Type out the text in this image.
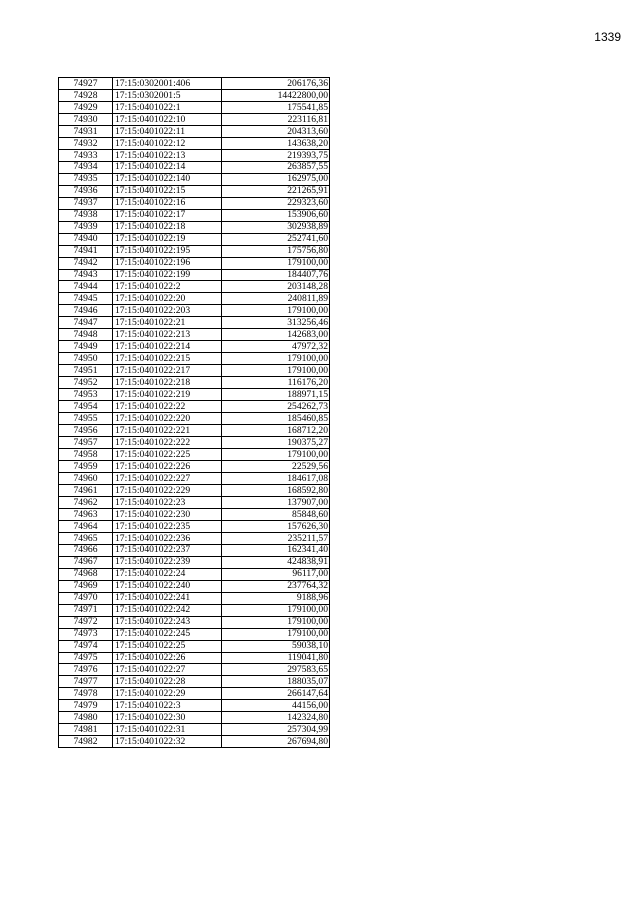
1339
74927	17:15:0302001:406	206176,36
74928	17:15:0302001:5	14422800,00
74929	17:15:0401022:1	175541,85
74930	17:15:0401022:10	223116,81
74931	17:15:0401022:11	204313,60
74932	17:15:0401022:12	143638,20
74933	17:15:0401022:13	219393,75
74934	17:15:0401022:14	263857,55
74935	17:15:0401022:140	162975,00
74936	17:15:0401022:15	221265,91
74937	17:15:0401022:16	229323,60
74938	17:15:0401022:17	153906,60
74939	17:15:0401022:18	302938,89
74940	17:15:0401022:19	252741,60
74941	17:15:0401022:195	175756,80
74942	17:15:0401022:196	179100,00
74943	17:15:0401022:199	184407,76
74944	17:15:0401022:2	203148,28
74945	17:15:0401022:20	240811,89
74946	17:15:0401022:203	179100,00
74947	17:15:0401022:21	313256,46
74948	17:15:0401022:213	142683,00
74949	17:15:0401022:214	47972,32
74950	17:15:0401022:215	179100,00
74951	17:15:0401022:217	179100,00
74952	17:15:0401022:218	116176,20
74953	17:15:0401022:219	188971,15
74954	17:15:0401022:22	254262,73
74955	17:15:0401022:220	185460,85
74956	17:15:0401022:221	168712,20
74957	17:15:0401022:222	190375,27
74958	17:15:0401022:225	179100,00
74959	17:15:0401022:226	22529,56
74960	17:15:0401022:227	184617,08
74961	17:15:0401022:229	168592,80
74962	17:15:0401022:23	137907,00
74963	17:15:0401022:230	85848,60
74964	17:15:0401022:235	157626,30
74965	17:15:0401022:236	235211,57
74966	17:15:0401022:237	162341,40
74967	17:15:0401022:239	424838,91
74968	17:15:0401022:24	96117,00
74969	17:15:0401022:240	237764,32
74970	17:15:0401022:241	9188,96
74971	17:15:0401022:242	179100,00
74972	17:15:0401022:243	179100,00
74973	17:15:0401022:245	179100,00
74974	17:15:0401022:25	59038,10
74975	17:15:0401022:26	119041,80
74976	17:15:0401022:27	297583,65
74977	17:15:0401022:28	188035,07
74978	17:15:0401022:29	266147,64
74979	17:15:0401022:3	44156,00
74980	17:15:0401022:30	142324,80
74981	17:15:0401022:31	257304,99
74982	17:15:0401022:32	267694,80
